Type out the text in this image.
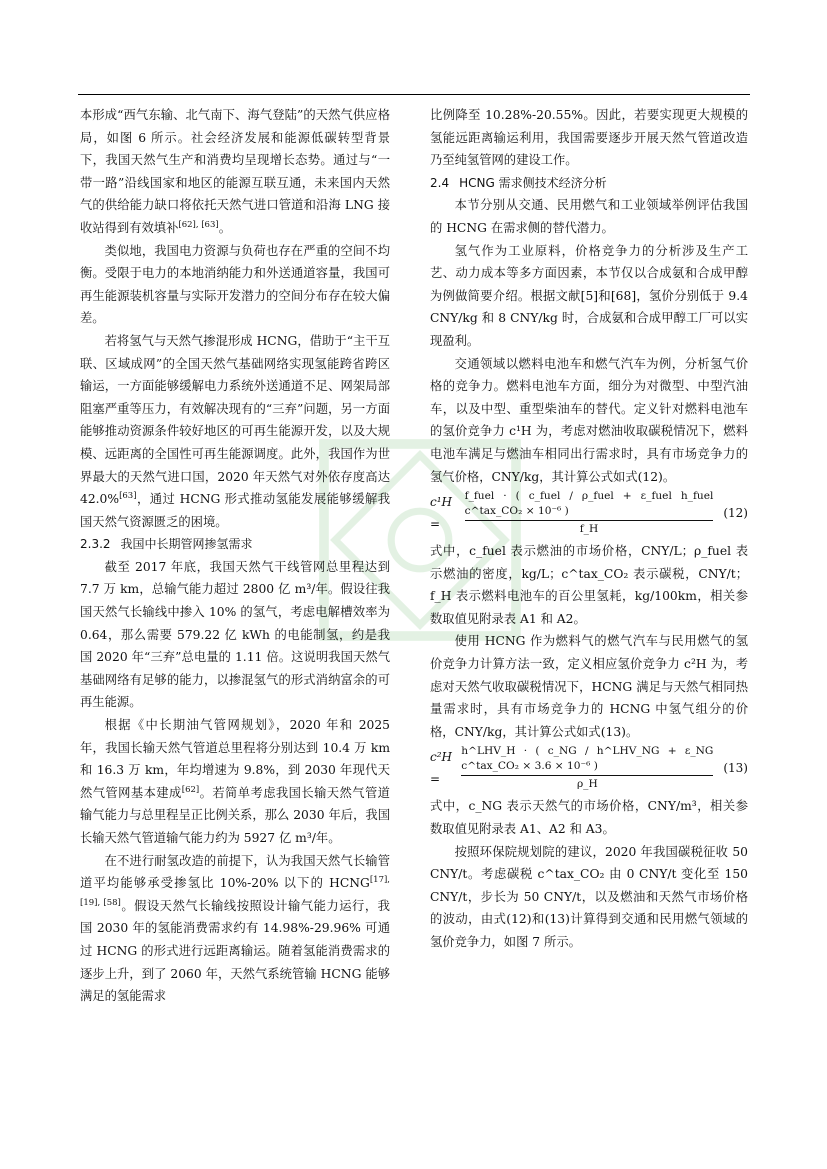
本形成“西气东输、北气南下、海气登陆”的天然气供应格局，如图 6 所示。社会经济发展和能源低碳转型背景下，我国天然气生产和消费均呈现增长态势。通过与“一带一路”沿线国家和地区的能源互联互通，未来国内天然气的供给能力缺口将依托天然气进口管道和沿海 LNG 接收站得到有效填补[62], [63]。

类似地，我国电力资源与负荷也存在严重的空间不均衡。受限于电力的本地消纳能力和外送通道容量，我国可再生能源装机容量与实际开发潜力的空间分布存在较大偏差。

若将氢气与天然气掺混形成 HCNG，借助于“主干互联、区域成网”的全国天然气基础网络实现氢能跨省跨区输运，一方面能够缓解电力系统外送通道不足、网架局部阻塞严重等压力，有效解决现有的“三弃”问题，另一方面能够推动资源条件较好地区的可再生能源开发，以及大规模、远距离的全国性可再生能源调度。此外，我国作为世界最大的天然气进口国，2020 年天然气对外依存度高达 42.0%[63]，通过 HCNG 形式推动氢能发展能够缓解我国天然气资源匮乏的困境。

2.3.2 我国中长期管网掺氢需求

截至 2017 年底，我国天然气干线管网总里程达到 7.7 万 km，总输气能力超过 2800 亿 m³/年。假设往我国天然气长输线中掺入 10% 的氢气，考虑电解槽效率为 0.64，那么需要 579.22 亿 kWh 的电能制氢，约是我国 2020 年“三弃”总电量的 1.11 倍。这说明我国天然气基础网络有足够的能力，以掺混氢气的形式消纳富余的可再生能源。

根据《中长期油气管网规划》，2020 年和 2025 年，我国长输天然气管道总里程将分别达到 10.4 万 km 和 16.3 万 km，年均增速为 9.8%，到 2030 年现代天然气管网基本建成[62]。若简单考虑我国长输天然气管道输气能力与总里程呈正比例关系，那么 2030 年后，我国长输天然气管道输气能力约为 5927 亿 m³/年。

在不进行耐氢改造的前提下，认为我国天然气长输管道平均能够承受掺氢比 10%-20% 以下的 HCNG[17], [19], [58]。假设天然气长输线按照设计输气能力运行，我国 2030 年的氢能消费需求约有 14.98%-29.96% 可通过 HCNG 的形式进行远距离输运。随着氢能消费需求的逐步上升，到了 2060 年，天然气系统管输 HCNG 能够满足的氢能需求

比例降至 10.28%-20.55%。因此，若要实现更大规模的氢能远距离输运利用，我国需要逐步开展天然气管道改造乃至纯氢管网的建设工作。

2.4 HCNG 需求侧技术经济分析

本节分别从交通、民用燃气和工业领域举例评估我国的 HCNG 在需求侧的替代潜力。

氢气作为工业原料，价格竞争力的分析涉及生产工艺、动力成本等多方面因素，本节仅以合成氨和合成甲醇为例做简要介绍。根据文献[5]和[68]，氢价分别低于 9.4 CNY/kg 和 8 CNY/kg 时，合成氨和合成甲醇工厂可以实现盈利。

交通领域以燃料电池车和燃气汽车为例，分析氢气价格的竞争力。燃料电池车方面，细分为对微型、中型汽油车，以及中型、重型柴油车的替代。定义针对燃料电池车的氢价竞争力 c¹H 为，考虑对燃油收取碳税情况下，燃料电池车满足与燃油车相同出行需求时，具有市场竞争力的氢气价格，CNY/kg，其计算公式如式(12)。

c¹H =
f_fuel · ( c_fuel / ρ_fuel + ε_fuel h_fuel c^tax_CO₂ × 10⁻⁶ )
f_H
(12)

式中，c_fuel 表示燃油的市场价格，CNY/L；ρ_fuel 表示燃油的密度，kg/L；c^tax_CO₂ 表示碳税，CNY/t；f_H 表示燃料电池车的百公里氢耗，kg/100km，相关参数取值见附录表 A1 和 A2。

使用 HCNG 作为燃料气的燃气汽车与民用燃气的氢价竞争力计算方法一致，定义相应氢价竞争力 c²H 为，考虑对天然气收取碳税情况下，HCNG 满足与天然气相同热量需求时，具有市场竞争力的 HCNG 中氢气组分的价格，CNY/kg，其计算公式如式(13)。

c²H =	$\frac{\text{h\textasciicircum{}LHV\_H · ( c\_NG / h\textasciicircum{}LHV\_NG + ε\_NG c\textasciicircum{}tax\_CO₂ × 3.6 × 10⁻⁶ )}}{\rho\_H} (13)$

式中，c_NG 表示天然气的市场价格，CNY/m³，相关参数取值见附录表 A1、A2 和 A3。

按照环保院规划院的建议，2020 年我国碳税征收 50 CNY/t。考虑碳税 c^tax_CO₂ 由 0 CNY/t 变化至 150 CNY/t，步长为 50 CNY/t，以及燃油和天然气市场价格的波动，由式(12)和(13)计算得到交通和民用燃气领域的氢价竞争力，如图 7 所示。
